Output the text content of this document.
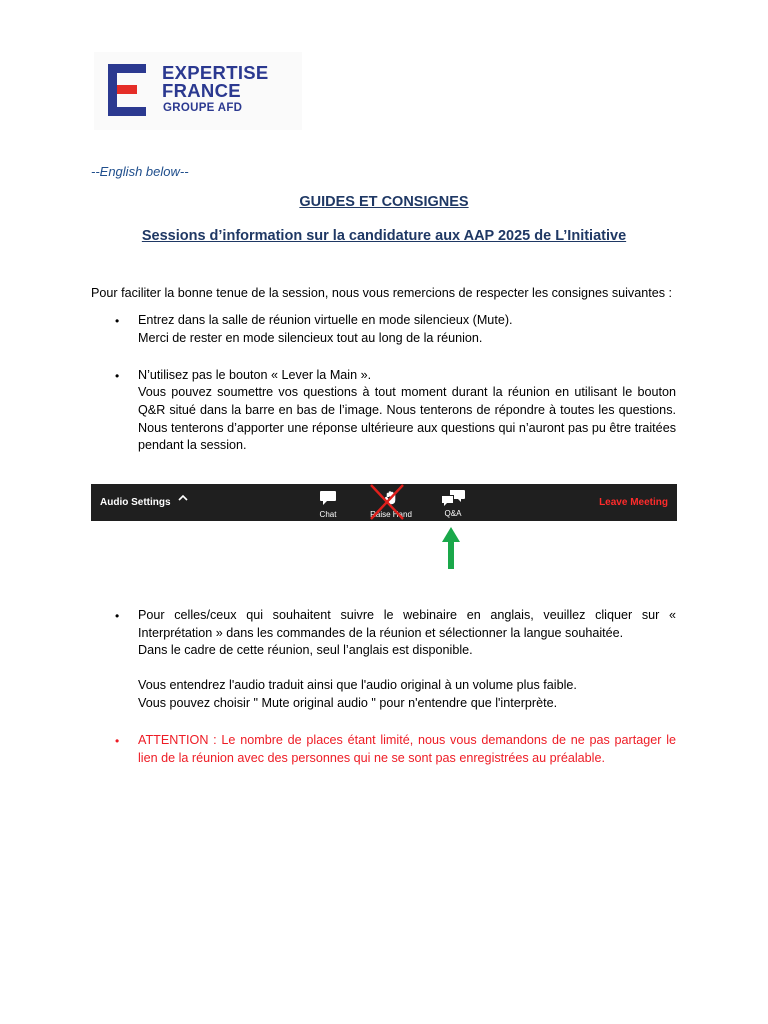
EXPERTISE
FRANCE
GROUPE AFD
--English below--
GUIDES ET CONSIGNES
Sessions d’information sur la candidature aux AAP 2025 de L’Initiative
Pour faciliter la bonne tenue de la session, nous vous remercions de respecter les consignes suivantes :
• Entrez dans la salle de réunion virtuelle en mode silencieux (Mute).
Merci de rester en mode silencieux tout au long de la réunion.
• N’utilisez pas le bouton « Lever la Main ».
Vous pouvez soumettre vos questions à tout moment durant la réunion en utilisant le bouton Q&R situé dans la barre en bas de l’image. Nous tenterons de répondre à toutes les questions. Nous tenterons d’apporter une réponse ultérieure aux questions qui n’auront pas pu être traitées pendant la session.
Audio Settings
Chat	Raise Hand	Q&A
Leave Meeting
• Pour celles/ceux qui souhaitent suivre le webinaire en anglais, veuillez cliquer sur « Interprétation » dans les commandes de la réunion et sélectionner la langue souhaitée.
Dans le cadre de cette réunion, seul l’anglais est disponible.
Vous entendrez l'audio traduit ainsi que l'audio original à un volume plus faible.
Vous pouvez choisir " Mute original audio " pour n'entendre que l'interprète.
• ATTENTION : Le nombre de places étant limité, nous vous demandons de ne pas partager le lien de la réunion avec des personnes qui ne se sont pas enregistrées au préalable.
